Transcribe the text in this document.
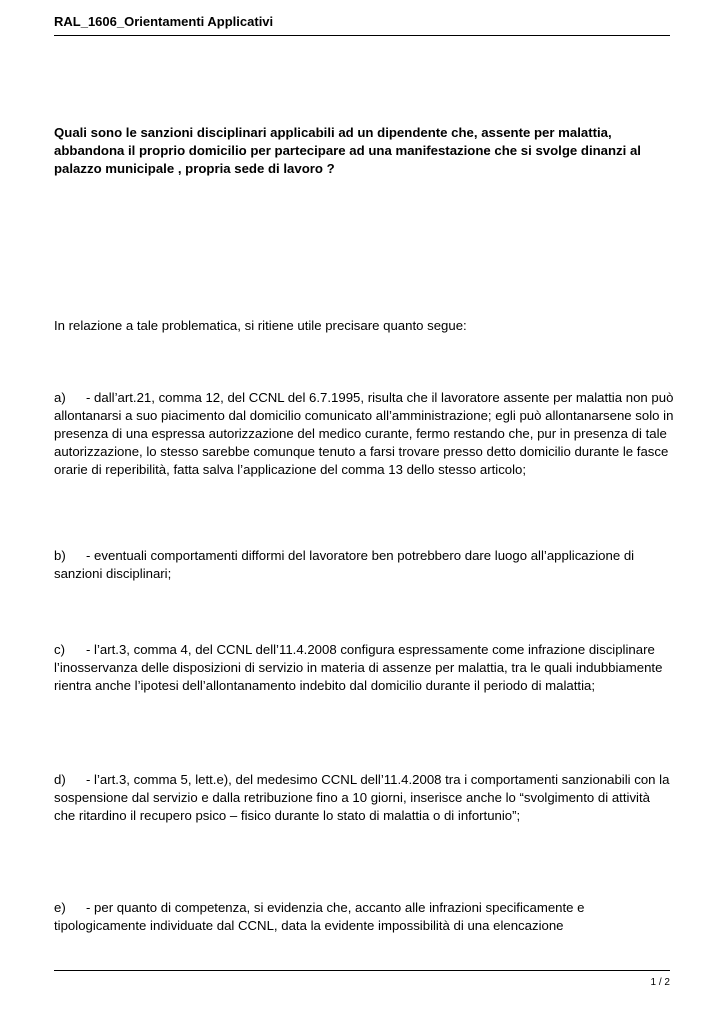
RAL_1606_Orientamenti Applicativi
Quali sono le sanzioni disciplinari applicabili ad un dipendente che, assente per malattia, abbandona il proprio domicilio per partecipare ad una manifestazione che si svolge dinanzi al palazzo municipale , propria sede di lavoro ?
In relazione a tale problematica, si ritiene utile precisare quanto segue:
a) - dall’art.21, comma 12, del CCNL del 6.7.1995, risulta che il lavoratore assente per malattia non può allontanarsi a suo piacimento dal domicilio comunicato all’amministrazione; egli può allontanarsene solo in presenza di una espressa autorizzazione del medico curante, fermo restando che, pur in presenza di tale autorizzazione, lo stesso sarebbe comunque tenuto a farsi trovare presso detto domicilio durante le fasce orarie di reperibilità, fatta salva l’applicazione del comma 13 dello stesso articolo;
b) - eventuali comportamenti difformi del lavoratore ben potrebbero dare luogo all’applicazione di sanzioni disciplinari;
c) - l’art.3, comma 4, del CCNL dell’11.4.2008 configura espressamente come infrazione disciplinare l’inosservanza delle disposizioni di servizio in materia di assenze per malattia, tra le quali indubbiamente rientra anche l’ipotesi dell’allontanamento indebito dal domicilio durante il periodo di malattia;
d) - l’art.3, comma 5, lett.e), del medesimo CCNL dell’11.4.2008 tra i comportamenti sanzionabili con la sospensione dal servizio e dalla retribuzione fino a 10 giorni, inserisce anche lo “svolgimento di attività che ritardino il recupero psico – fisico durante lo stato di malattia o di infortunio”;
e) - per quanto di competenza, si evidenzia che, accanto alle infrazioni specificamente e tipologicamente individuate dal CCNL, data la evidente impossibilità di una elencazione
1 / 2
